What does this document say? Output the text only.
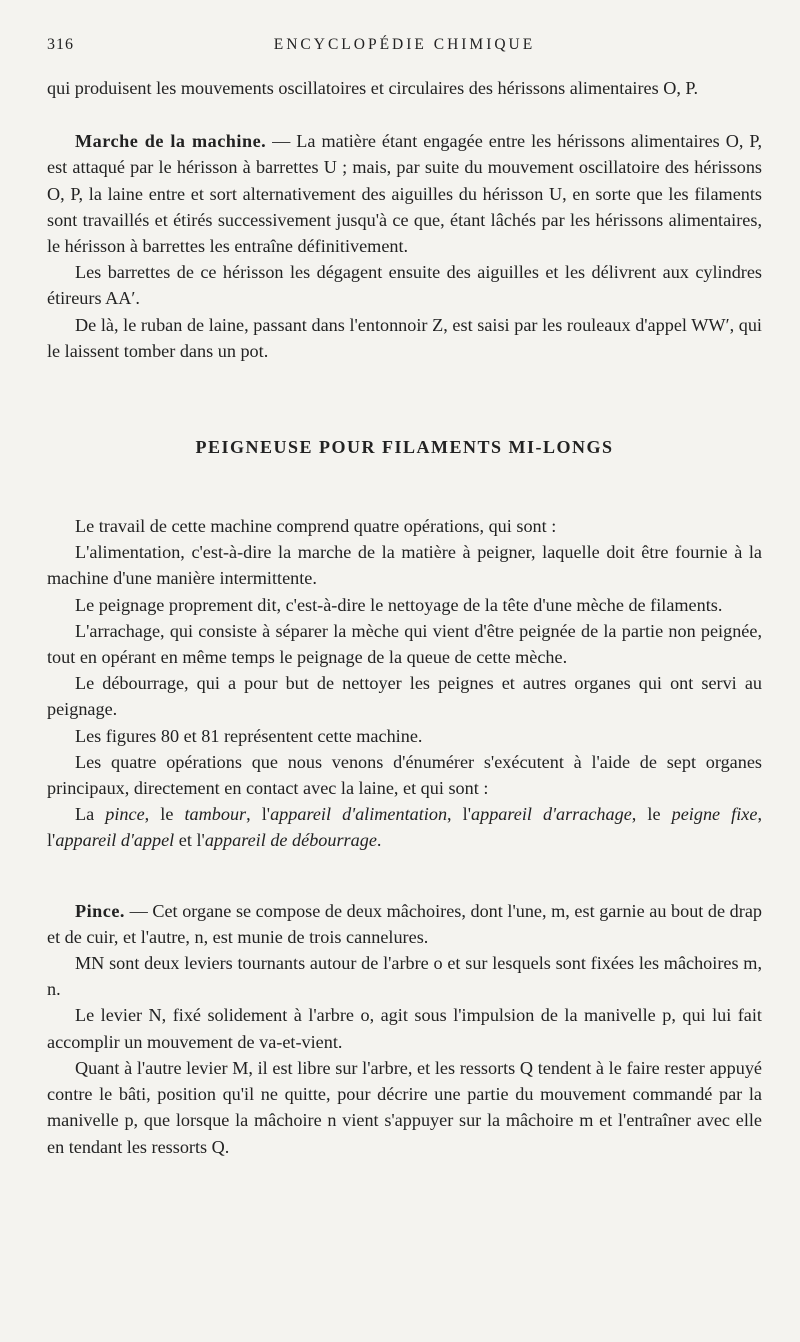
316	ENCYCLOPÉDIE CHIMIQUE

qui produisent les mouvements oscillatoires et circulaires des hérissons alimentaires O, P.

Marche de la machine. — La matière étant engagée entre les hérissons alimentaires O, P, est attaqué par le hérisson à barrettes U ; mais, par suite du mouvement oscillatoire des hérissons O, P, la laine entre et sort alternativement des aiguilles du hérisson U, en sorte que les filaments sont travaillés et étirés successivement jusqu'à ce que, étant lâchés par les hérissons alimentaires, le hérisson à barrettes les entraîne définitivement.

Les barrettes de ce hérisson les dégagent ensuite des aiguilles et les délivrent aux cylindres étireurs AA′.

De là, le ruban de laine, passant dans l'entonnoir Z, est saisi par les rouleaux d'appel WW′, qui le laissent tomber dans un pot.

PEIGNEUSE POUR FILAMENTS MI-LONGS

Le travail de cette machine comprend quatre opérations, qui sont :

L'alimentation, c'est-à-dire la marche de la matière à peigner, laquelle doit être fournie à la machine d'une manière intermittente.

Le peignage proprement dit, c'est-à-dire le nettoyage de la tête d'une mèche de filaments.

L'arrachage, qui consiste à séparer la mèche qui vient d'être peignée de la partie non peignée, tout en opérant en même temps le peignage de la queue de cette mèche.

Le débourrage, qui a pour but de nettoyer les peignes et autres organes qui ont servi au peignage.

Les figures 80 et 81 représentent cette machine.

Les quatre opérations que nous venons d'énumérer s'exécutent à l'aide de sept organes principaux, directement en contact avec la laine, et qui sont :

La pince, le tambour, l'appareil d'alimentation, l'appareil d'arrachage, le peigne fixe, l'appareil d'appel et l'appareil de débourrage.

Pince. — Cet organe se compose de deux mâchoires, dont l'une, m, est garnie au bout de drap et de cuir, et l'autre, n, est munie de trois cannelures.

MN sont deux leviers tournants autour de l'arbre o et sur lesquels sont fixées les mâchoires m, n.

Le levier N, fixé solidement à l'arbre o, agit sous l'impulsion de la manivelle p, qui lui fait accomplir un mouvement de va-et-vient.

Quant à l'autre levier M, il est libre sur l'arbre, et les ressorts Q tendent à le faire rester appuyé contre le bâti, position qu'il ne quitte, pour décrire une partie du mouvement commandé par la manivelle p, que lorsque la mâchoire n vient s'appuyer sur la mâchoire m et l'entraîner avec elle en tendant les ressorts Q.
